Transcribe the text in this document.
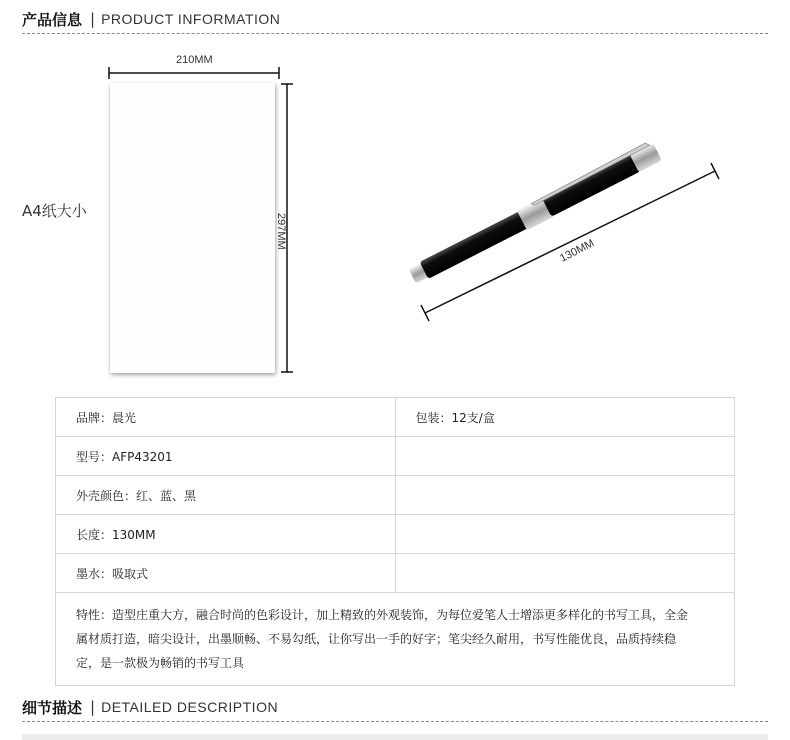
产品信息 | PRODUCT INFORMATION
A4纸大小
210MM
297MM
130MM
品牌：晨光	包装：12支/盒
型号：AFP43201	
外壳颜色：红、蓝、黑	
长度：130MM	
墨水：吸取式	
特性：造型庄重大方，融合时尚的色彩设计，加上精致的外观装饰，为每位爱笔人士增添更多样化的书写工具，全金属材质打造，暗尖设计，出墨顺畅、不易勾纸，让你写出一手的好字；笔尖经久耐用，书写性能优良，品质持续稳定，是一款极为畅销的书写工具	
细节描述 | DETAILED DESCRIPTION
